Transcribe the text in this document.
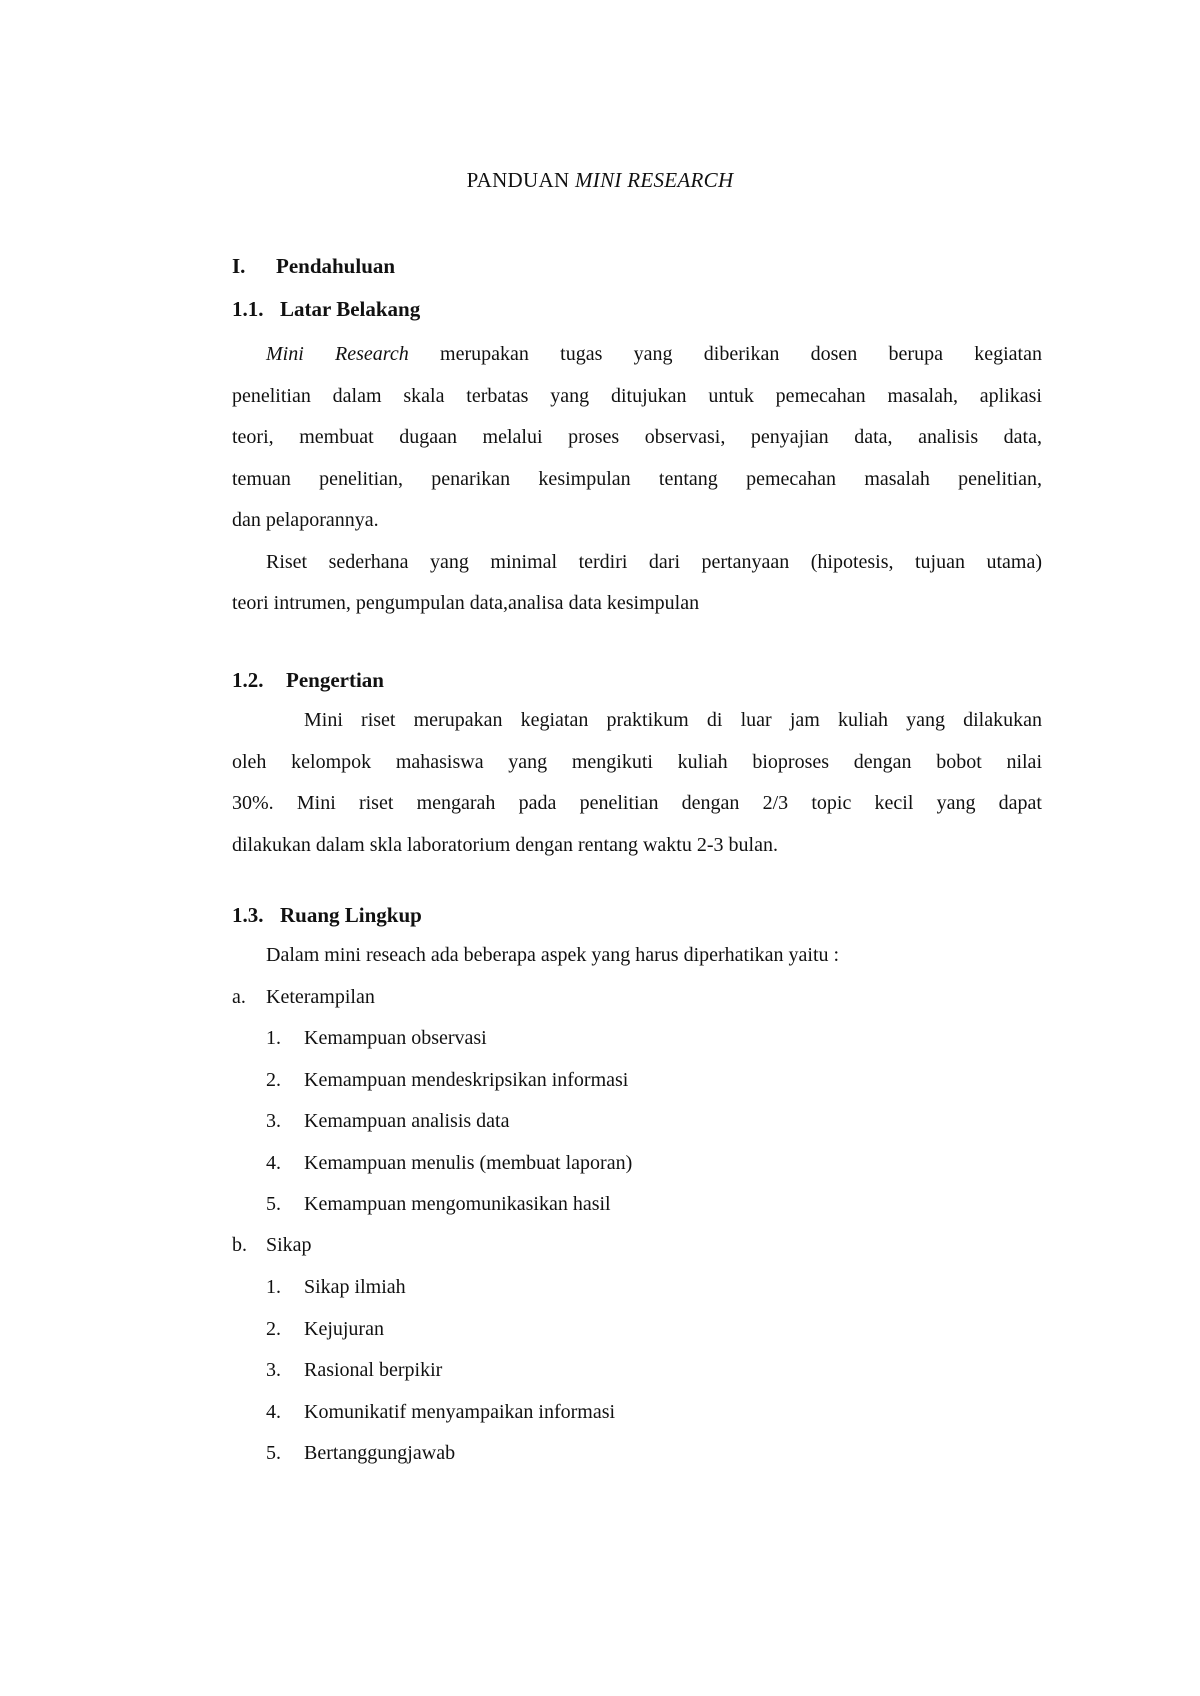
PANDUAN MINI RESEARCH
I. Pendahuluan
1.1. Latar Belakang
Mini Research merupakan tugas yang diberikan dosen berupa kegiatan
penelitian dalam skala terbatas yang ditujukan untuk pemecahan masalah, aplikasi
teori, membuat dugaan melalui proses observasi, penyajian data, analisis data,
temuan penelitian, penarikan kesimpulan tentang pemecahan masalah penelitian,
dan pelaporannya.
Riset sederhana yang minimal terdiri dari pertanyaan (hipotesis, tujuan utama)
teori intrumen, pengumpulan data,analisa data kesimpulan
1.2. Pengertian
Mini riset merupakan kegiatan praktikum di luar jam kuliah yang dilakukan
oleh kelompok mahasiswa yang mengikuti kuliah bioproses dengan bobot nilai
30%. Mini riset mengarah pada penelitian dengan 2/3 topic kecil yang dapat
dilakukan dalam skla laboratorium dengan rentang waktu 2-3 bulan.
1.3. Ruang Lingkup
Dalam mini reseach ada beberapa aspek yang harus diperhatikan yaitu :
a. Keterampilan
1. Kemampuan observasi
2. Kemampuan mendeskripsikan informasi
3. Kemampuan analisis data
4. Kemampuan menulis (membuat laporan)
5. Kemampuan mengomunikasikan hasil
b. Sikap
1. Sikap ilmiah
2. Kejujuran
3. Rasional berpikir
4. Komunikatif menyampaikan informasi
5. Bertanggungjawab
